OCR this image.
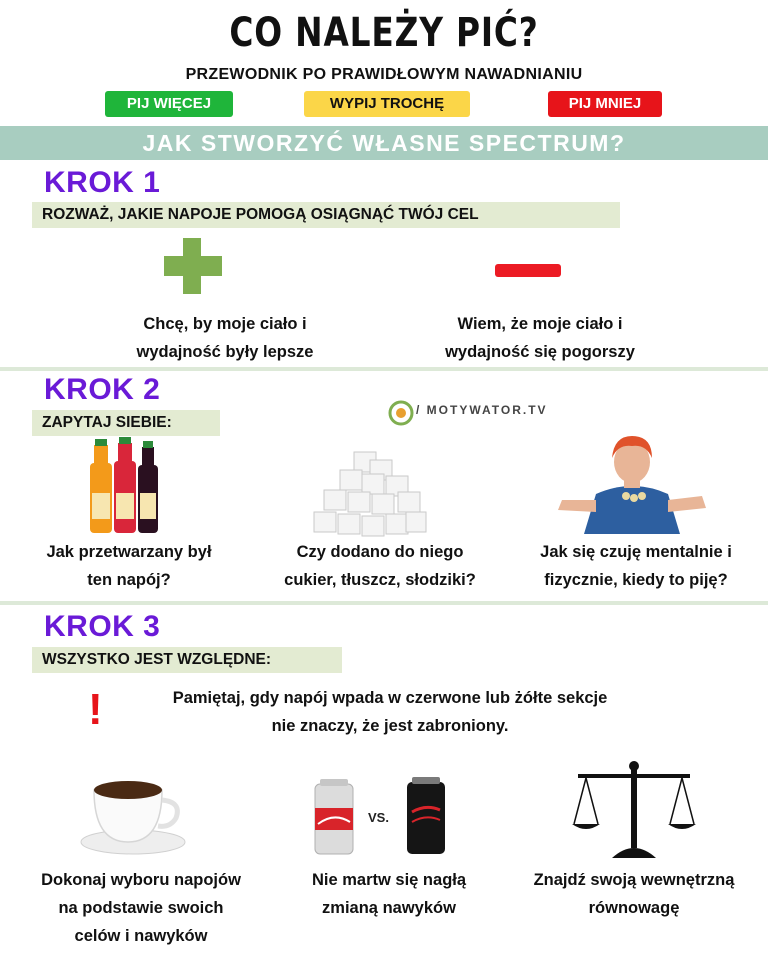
CO NALEŻY PIĆ?
PRZEWODNIK PO PRAWIDŁOWYM NAWADNIANIU
PIJ WIĘCEJ	WYPIJ TROCHĘ	PIJ MNIEJ
JAK STWORZYĆ WŁASNE SPECTRUM?
KROK 1
ROZWAŻ, JAKIE NAPOJE POMOGĄ OSIĄGNĄĆ TWÓJ CEL
Chcę, by moje ciało i
wydajność były lepsze
Wiem, że moje ciało i
wydajność się pogorszy
KROK 2
ZAPYTAJ SIEBIE:
/ MOTYWATOR.TV
Jak przetwarzany był
ten napój?
Czy dodano do niego
cukier, tłuszcz, słodziki?
Jak się czuję mentalnie i
fizycznie, kiedy to piję?
KROK 3
WSZYSTKO JEST WZGLĘDNE:
!	Pamiętaj, gdy napój wpada w czerwone lub żółte sekcje
nie znaczy, że jest zabroniony.
VS.
Dokonaj wyboru napojów
na podstawie swoich
celów i nawyków
Nie martw się nagłą
zmianą nawyków
Znajdź swoją wewnętrzną
równowagę
